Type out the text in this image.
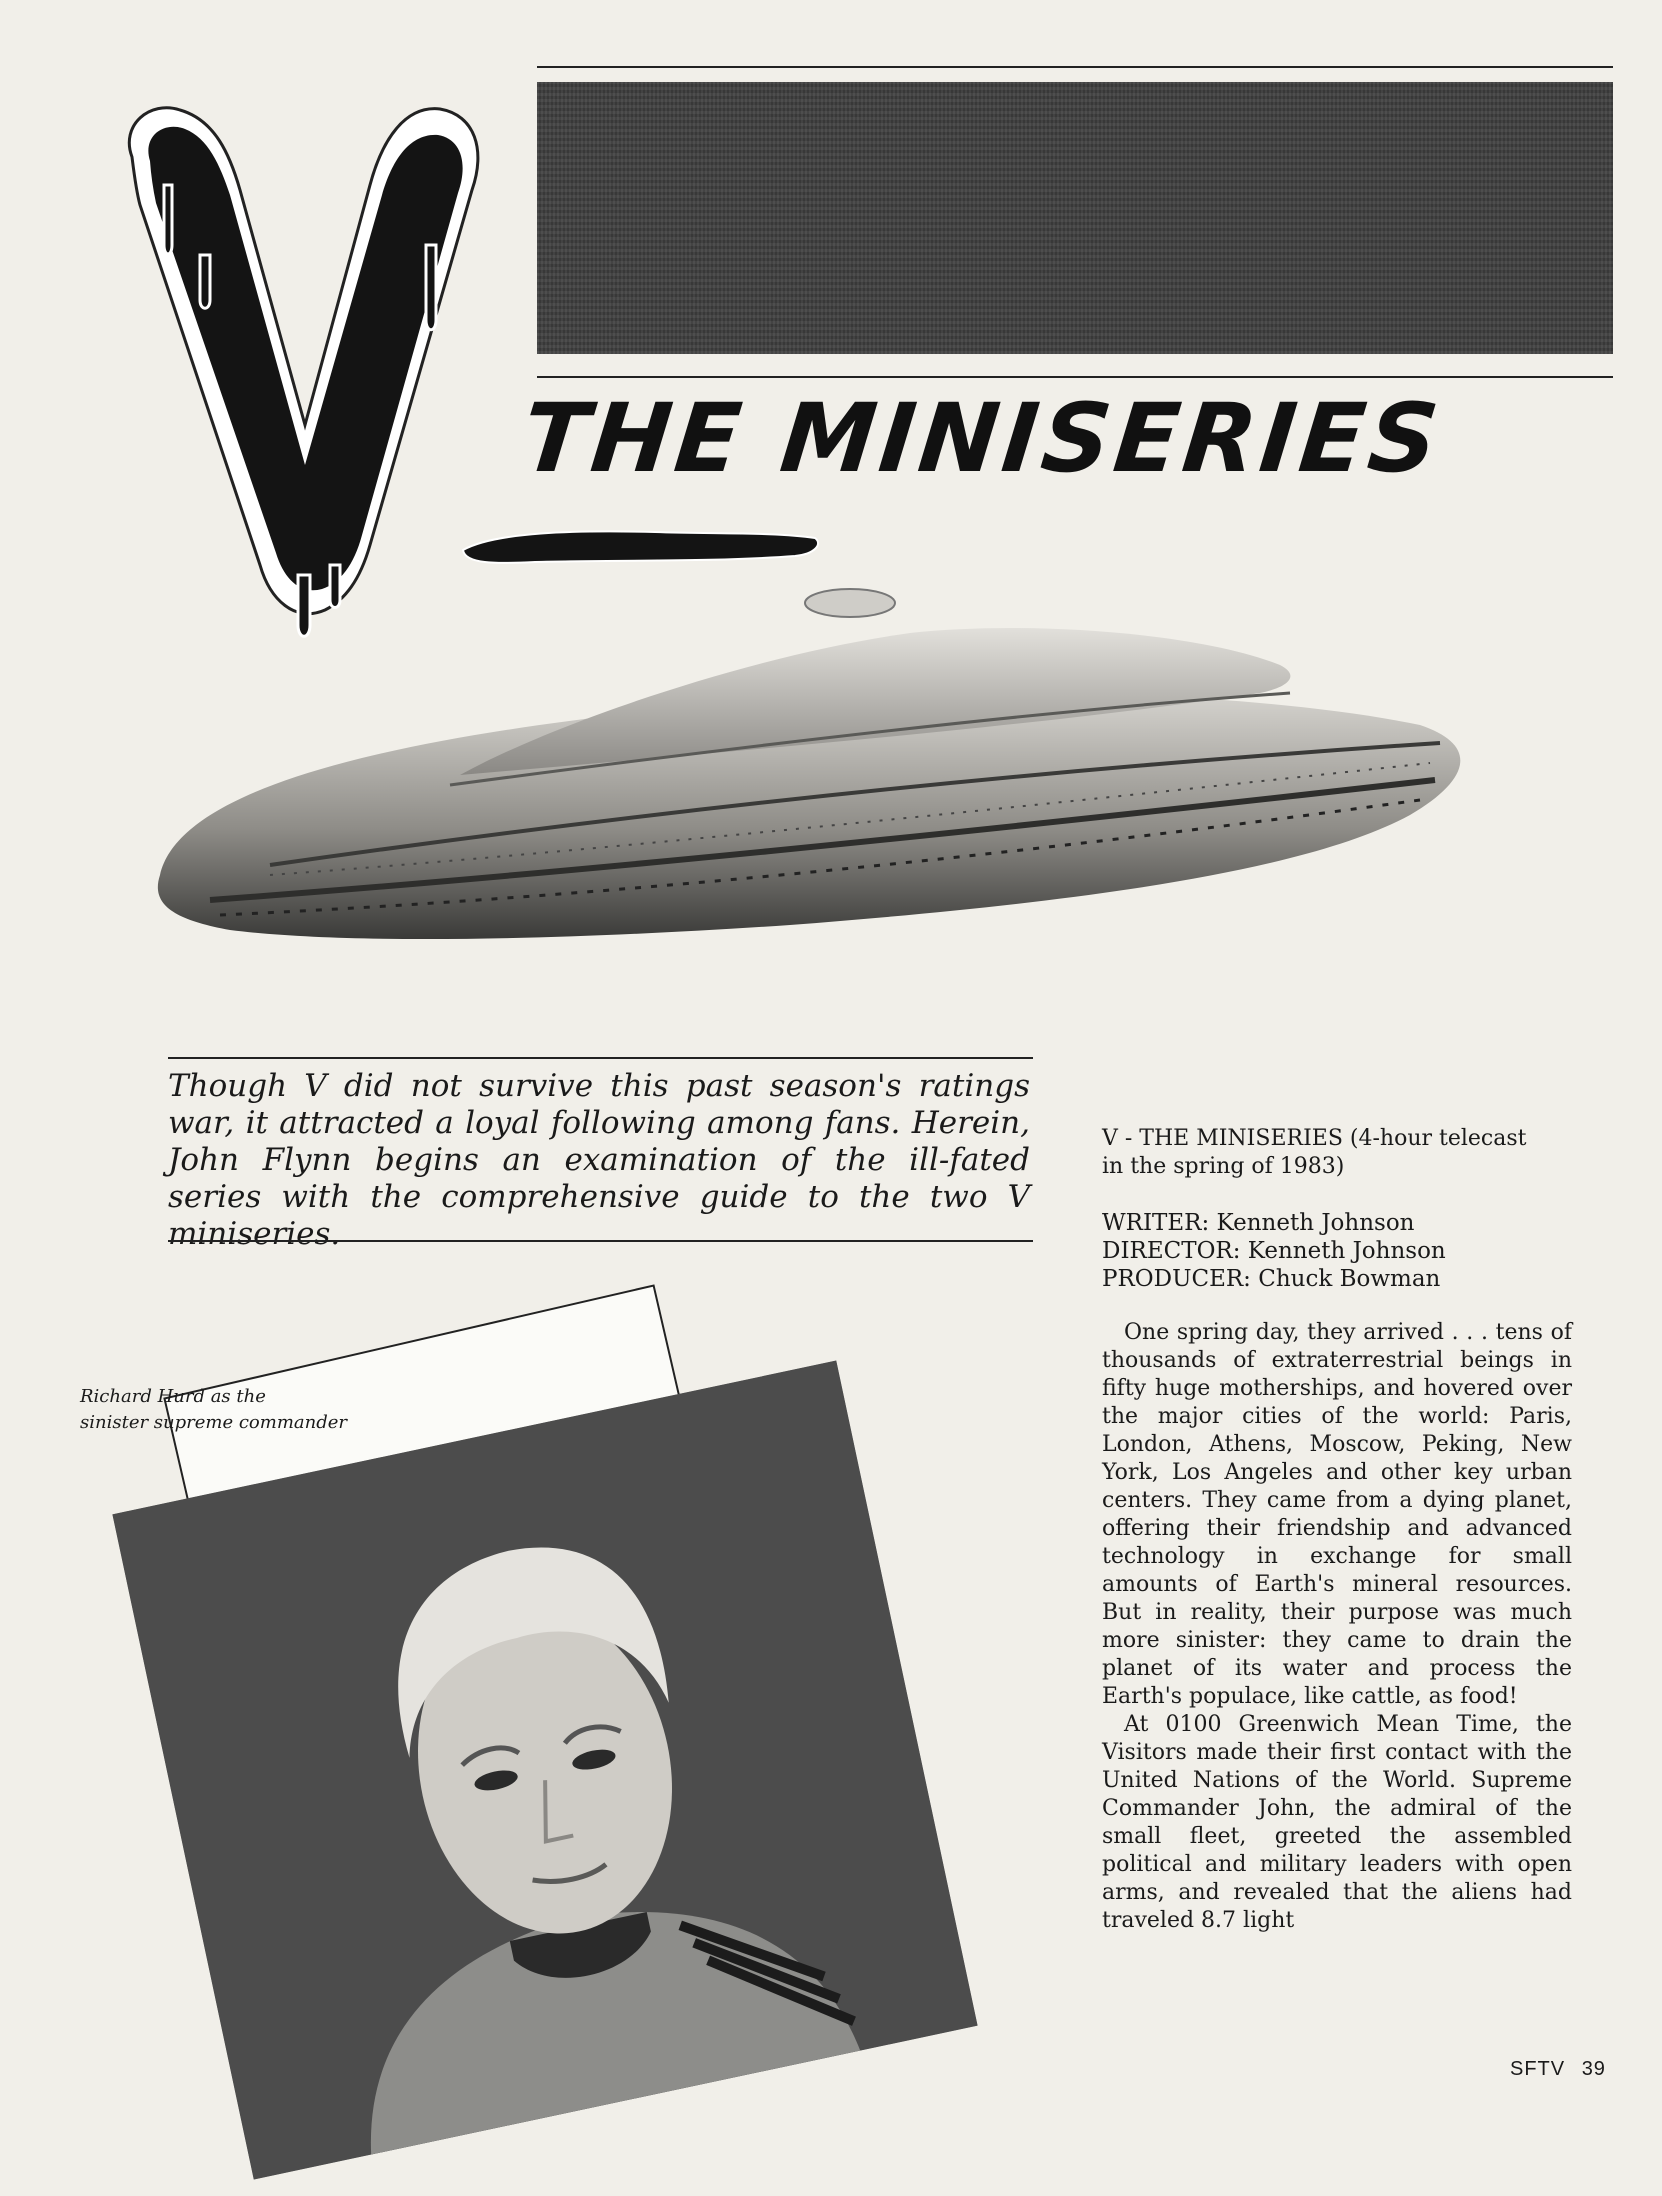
THE MINISERIES
Though V did not survive this past season's ratings war, it attracted a loyal following among fans. Herein, John Flynn begins an examination of the ill-fated series with the comprehensive guide to the two V miniseries.
Richard Hurd as the
sinister supreme commander

V - THE MINISERIES (4-hour telecast

in the spring of 1983)

WRITER: Kenneth Johnson

DIRECTOR: Kenneth Johnson

PRODUCER: Chuck Bowman

One spring day, they arrived . . . tens of thousands of extraterrestrial beings in fifty huge motherships, and hovered over the major cities of the world: Paris, London, Athens, Moscow, Peking, New York, Los Angeles and other key urban centers. They came from a dying planet, offering their friendship and advanced technology in exchange for small amounts of Earth's mineral resources. But in reality, their purpose was much more sinister: they came to drain the planet of its water and process the Earth's populace, like cattle, as food!

At 0100 Greenwich Mean Time, the Visitors made their first contact with the United Nations of the World. Supreme Commander John, the admiral of the small fleet, greeted the assembled political and military leaders with open arms, and revealed that the aliens had traveled 8.7 light

SFTV 39
